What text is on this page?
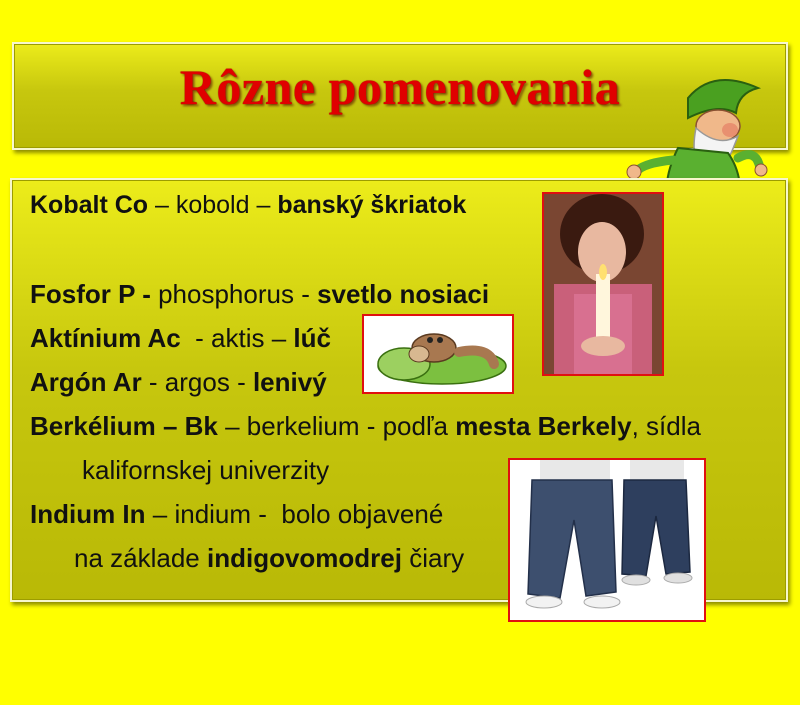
Rôzne pomenovania
Kobalt Co – kobold – banský škriatok
Fosfor P - phosphorus - svetlo nosiaci
Aktínium Ac  - aktis – lúč
Argón Ar - argos - lenivý
Berkélium – Bk – berkelium - podľa mesta Berkely, sídla
kalifornskej univerzity
Indium In – indium -  bolo objavené
na základe indigovomodrej čiary
